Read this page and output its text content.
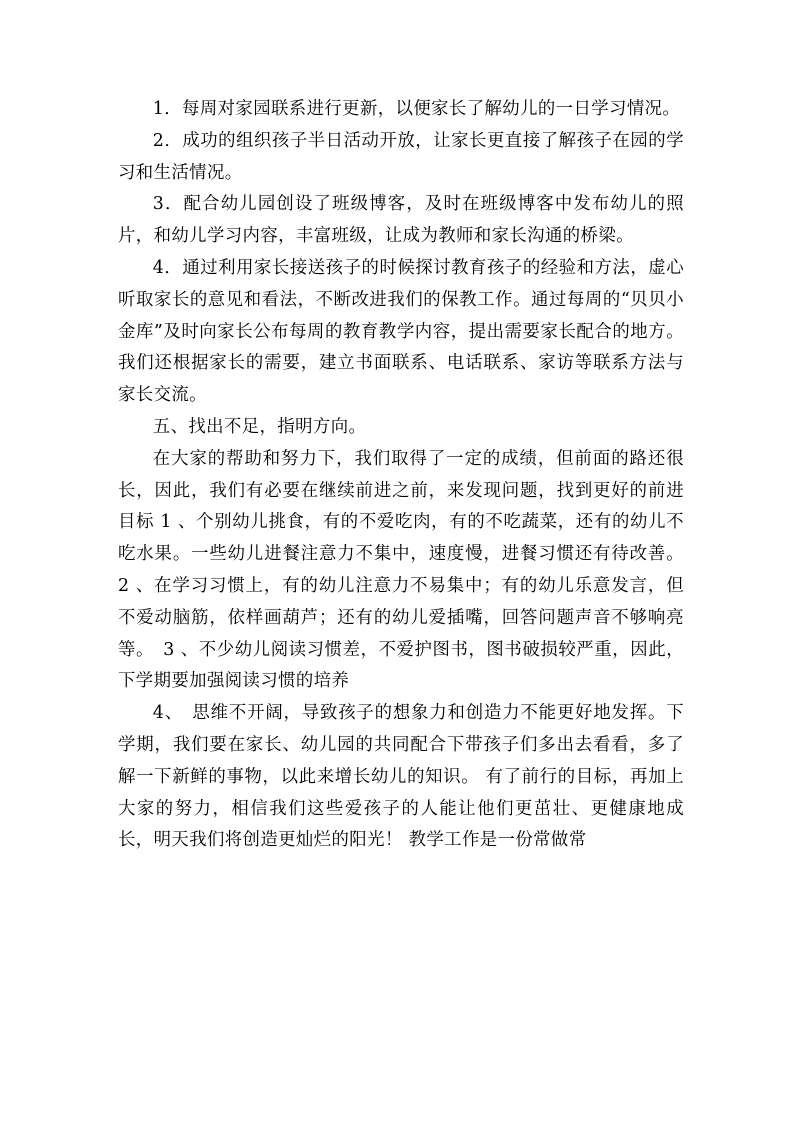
1．每周对家园联系进行更新，以便家长了解幼儿的一日学习情况。

2．成功的组织孩子半日活动开放，让家长更直接了解孩子在园的学习和生活情况。

3．配合幼儿园创设了班级博客，及时在班级博客中发布幼儿的照片，和幼儿学习内容，丰富班级，让成为教师和家长沟通的桥梁。

4．通过利用家长接送孩子的时候探讨教育孩子的经验和方法，虚心听取家长的意见和看法，不断改进我们的保教工作。通过每周的“贝贝小金库”及时向家长公布每周的教育教学内容，提出需要家长配合的地方。我们还根据家长的需要，建立书面联系、电话联系、家访等联系方法与家长交流。

五、找出不足，指明方向。

在大家的帮助和努力下，我们取得了一定的成绩，但前面的路还很长，因此，我们有必要在继续前进之前，来发现问题，找到更好的前进目标 1 、个别幼儿挑食，有的不爱吃肉，有的不吃蔬菜，还有的幼儿不吃水果。一些幼儿进餐注意力不集中，速度慢，进餐习惯还有待改善。 2 、在学习习惯上，有的幼儿注意力不易集中；有的幼儿乐意发言，但不爱动脑筋，依样画葫芦；还有的幼儿爱插嘴，回答问题声音不够响亮等。　3 、不少幼儿阅读习惯差，不爱护图书，图书破损较严重，因此，下学期要加强阅读习惯的培养

4、　思维不开阔，导致孩子的想象力和创造力不能更好地发挥。下学期，我们要在家长、幼儿园的共同配合下带孩子们多出去看看，多了解一下新鲜的事物，以此来增长幼儿的知识。 有了前行的目标，再加上大家的努力，相信我们这些爱孩子的人能让他们更茁壮、更健康地成长，明天我们将创造更灿烂的阳光！ 教学工作是一份常做常
